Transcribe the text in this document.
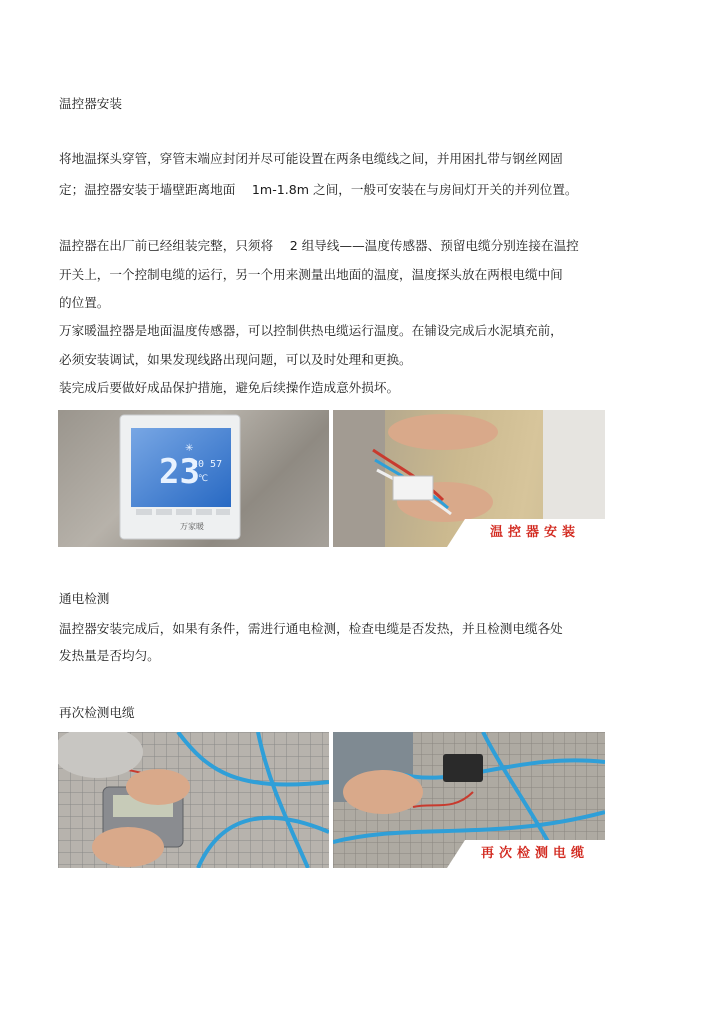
温控器安装

将地温探头穿管，穿管末端应封闭并尽可能设置在两条电缆线之间，并用困扎带与钢丝网固

定；温控器安装于墙壁距离地面　 1m-1.8m 之间，一般可安装在与房间灯开关的并列位置。

温控器在出厂前已经组装完整，只须将　 2 组导线——温度传感器、预留电缆分别连接在温控

开关上，一个控制电缆的运行，另一个用来测量出地面的温度，温度探头放在两根电缆中间

的位置。

万家暖温控器是地面温度传感器，可以控制供热电缆运行温度。在铺设完成后水泥填充前，

必须安装调试，如果发现线路出现问题，可以及时处理和更换。

装完成后要做好成品保护措施，避免后续操作造成意外损坏。

23
20 57
℃
✳
万家暖	温控器安装

通电检测

温控器安装完成后，如果有条件，需进行通电检测，检查电缆是否发热，并且检测电缆各处

发热量是否均匀。

再次检测电缆

再次检测电缆
